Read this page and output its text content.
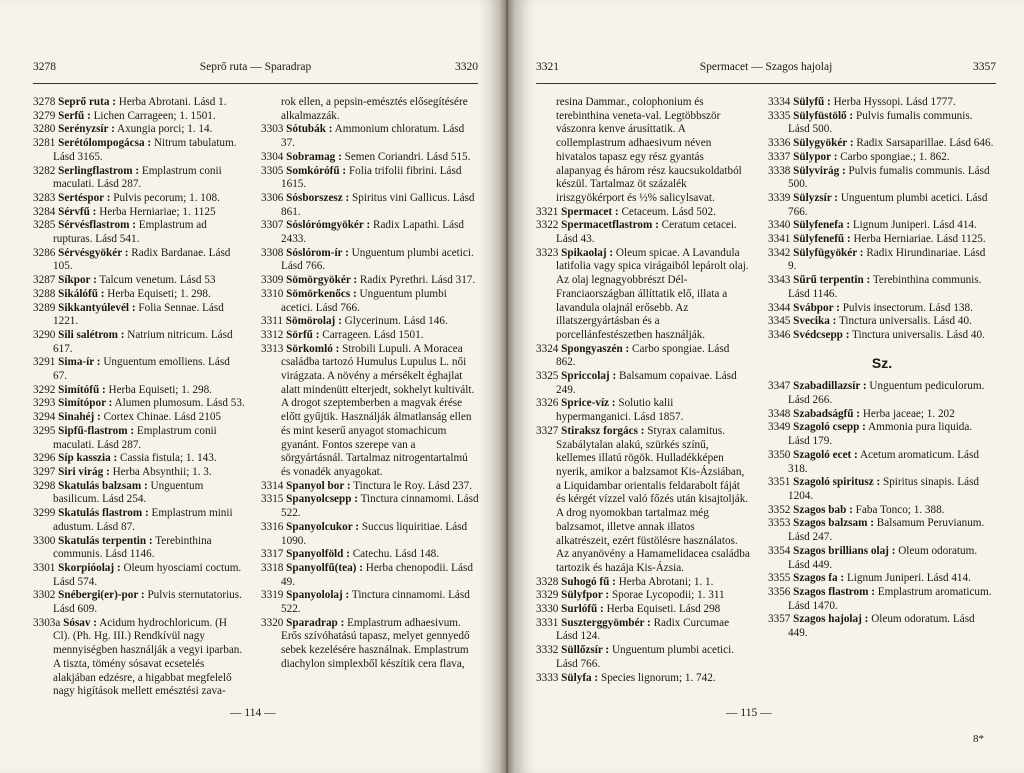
3278	Seprő ruta — Sparadrap	3320

3278 Seprő ruta : Herba Abrotani. Lásd 1.

3279 Serfű : Lichen Carrageen; 1. 1501.

3280 Serényzsír : Axungia porci; 1. 14.

3281 Serétólompogácsa : Nitrum tabulatum. Lásd 3165.

3282 Serlingflastrom : Emplastrum conii maculati. Lásd 287.

3283 Sertéspor : Pulvis pecorum; 1. 108.

3284 Sérvfű : Herba Herniariae; 1. 1125

3285 Sérvésflastrom : Emplastrum ad rupturas. Lásd 541.

3286 Sérvésgyökér : Radix Bardanae. Lásd 105.

3287 Síkpor : Talcum venetum. Lásd 53

3288 Sikálófű : Herba Equiseti; 1. 298.

3289 Sikkantyúlevél : Folia Sennae. Lásd 1221.

3290 Sili salétrom : Natrium nitricum. Lásd 617.

3291 Sima-ír : Unguentum emolliens. Lásd 67.

3292 Simítófű : Herba Equiseti; 1. 298.

3293 Simítópor : Alumen plumosum. Lásd 53.

3294 Sinahéj : Cortex Chinae. Lásd 2105

3295 Sipfű-flastrom : Emplastrum conii maculati. Lásd 287.

3296 Síp kasszia : Cassia fistula; 1. 143.

3297 Siri virág : Herba Absynthii; 1. 3.

3298 Skatulás balzsam : Unguentum basilicum. Lásd 254.

3299 Skatulás flastrom : Emplastrum minii adustum. Lásd 87.

3300 Skatulás terpentin : Terebinthina communis. Lásd 1146.

3301 Skorpióolaj : Oleum hyosciami coctum. Lásd 574.

3302 Snébergi(er)-por : Pulvis sternutatorius. Lásd 609.

3303a Sósav : Acidum hydrochloricum. (H Cl). (Ph. Hg. III.) Rendkívül nagy mennyiségben használják a vegyi iparban. A tiszta, tömény sósavat ecsetelés alakjában edzésre, a higabbat megfelelő nagy higítások mellett emésztési zava-

rok ellen, a pepsin-emésztés elősegítésére alkalmazzák.

3303 Sótubák : Ammonium chloratum. Lásd 37.

3304 Sobramag : Semen Coriandri. Lásd 515.

3305 Somkórófű : Folia trifolii fibrini. Lásd 1615.

3306 Sósborszesz : Spiritus vini Gallicus. Lásd 861.

3307 Sóslórómgyökér : Radix Lapathi. Lásd 2433.

3308 Sóslórom-ír : Unguentum plumbi acetici. Lásd 766.

3309 Sömörgyökér : Radix Pyrethri. Lásd 317.

3310 Sömörkenőcs : Unguentum plumbi acetici. Lásd 766.

3311 Sömörolaj : Glycerinum. Lásd 146.

3312 Sörfű : Carrageen. Lásd 1501.

3313 Sörkomló : Strobili Lupuli. A Moracea családba tartozó Humulus Lupulus L. női virágzata. A növény a mérsékelt éghajlat alatt mindenütt elterjedt, sokhelyt kultivált. A drogot szeptemberben a magvak érése előtt gyűjtik. Használják álmatlanság ellen és mint keserű anyagot stomachicum gyanánt. Fontos szerepe van a sörgyártásnál. Tartalmaz nitrogentartalmú és vonadék anyagokat.

3314 Spanyol bor : Tinctura le Roy. Lásd 237.

3315 Spanyolcsepp : Tinctura cinnamomi. Lásd 522.

3316 Spanyolcukor : Succus liquiritiae. Lásd 1090.

3317 Spanyolföld : Catechu. Lásd 148.

3318 Spanyolfű(tea) : Herba chenopodii. Lásd 49.

3319 Spanyololaj : Tinctura cinnamomi. Lásd 522.

3320 Sparadrap : Emplastrum adhaesivum. Erős szívóhatású tapasz, melyet gennyedő sebek kezelésére használnak. Emplastrum diachylon simplexből készítik cera flava,

— 114 —
3321	Spermacet — Szagos hajolaj	3357

resina Dammar., colophonium és terebinthina veneta-val. Legtöbbször vászonra kenve árusíttatik. A collemplastrum adhaesivum néven hivatalos tapasz egy rész gyantás alapanyag és három rész kaucsukoldatból készül. Tartalmaz öt százalék iriszgyökérport és ½% salicylsavat.

3321 Spermacet : Cetaceum. Lásd 502.

3322 Spermacetflastrom : Ceratum cetacei. Lásd 43.

3323 Spikaolaj : Oleum spicae. A Lavandula latifolia vagy spica virágaiból lepárolt olaj. Az olaj legnagyobbrészt Dél-Franciaországban állíttatik elő, illata a lavandula olajnál erősebb. Az illatszergyártásban és a porcellánfestészetben használják.

3324 Spongyaszén : Carbo spongiae. Lásd 862.

3325 Spriccolaj : Balsamum copaivae. Lásd 249.

3326 Sprice-víz : Solutio kalii hypermanganici. Lásd 1857.

3327 Stiraksz forgács : Styrax calamitus. Szabálytalan alakú, szürkés színű, kellemes illatú rögök. Hulladékképen nyerik, amikor a balzsamot Kis-Ázsiában, a Liquidambar orientalis feldarabolt fáját és kérgét vízzel való főzés után kisajtolják. A drog nyomokban tartalmaz még balzsamot, illetve annak illatos alkatrészeit, ezért füstölésre használatos. Az anyanövény a Hamamelidacea családba tartozik és hazája Kis-Ázsia.

3328 Suhogó fű : Herba Abrotani; 1. 1.

3329 Sülyfpor : Sporae Lycopodii; 1. 311

3330 Surlófű : Herba Equiseti. Lásd 298

3331 Suszterggyömbér : Radix Curcumae Lásd 124.

3332 Süllőzsír : Unguentum plumbi acetici. Lásd 766.

3333 Sülyfa : Species lignorum; 1. 742.

3334 Sülyfű : Herba Hyssopi. Lásd 1777.

3335 Sülyfüstölő : Pulvis fumalis communis. Lásd 500.

3336 Sülygyökér : Radix Sarsaparillae. Lásd 646.

3337 Sülypor : Carbo spongiae.; 1. 862.

3338 Sülyvirág : Pulvis fumalis communis. Lásd 500.

3339 Sülyzsír : Unguentum plumbi acetici. Lásd 766.

3340 Sülyfenefa : Lignum Juniperi. Lásd 414.

3341 Sülyfenefű : Herba Herniariae. Lásd 1125.

3342 Sülyfügyökér : Radix Hirundinariae. Lásd 9.

3343 Sűrű terpentin : Terebinthina communis. Lásd 1146.

3344 Svábpor : Pulvis insectorum. Lásd 138.

3345 Svecika : Tinctura universalis. Lásd 40.

3346 Svédcsepp : Tinctura universalis. Lásd 40.

Sz.

3347 Szabadillazsír : Unguentum pediculorum. Lásd 266.

3348 Szabadságfű : Herba jaceae; 1. 202

3349 Szagoló csepp : Ammonia pura liquida. Lásd 179.

3350 Szagoló ecet : Acetum aromaticum. Lásd 318.

3351 Szagoló spiritusz : Spiritus sinapis. Lásd 1204.

3352 Szagos bab : Faba Tonco; 1. 388.

3353 Szagos balzsam : Balsamum Peruvianum. Lásd 247.

3354 Szagos brillians olaj : Oleum odoratum. Lásd 449.

3355 Szagos fa : Lignum Juniperi. Lásd 414.

3356 Szagos flastrom : Emplastrum aromaticum. Lásd 1470.

3357 Szagos hajolaj : Oleum odoratum. Lásd 449.

— 115 —
8*
